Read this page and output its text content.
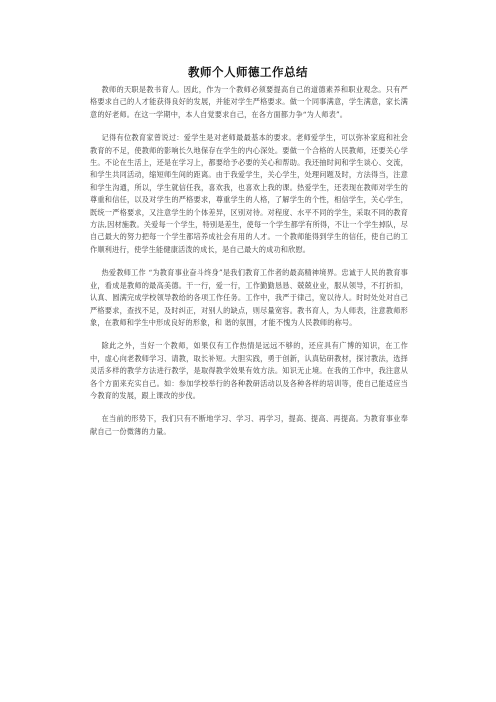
教师个人师德工作总结

教师的天职是教书育人。因此，作为一个教师必须要提高自己的道德素养和职业观念。只有严格要求自己的人才能获得良好的发展，并能对学生严格要求。做一个同事满意，学生满意，家长满意的好老师。在这一学期中，本人自觉要求自己，在各方面都力争“为人师表”。

记得有位教育家曾说过：爱学生是对老师最最基本的要求。老师爱学生，可以弥补家庭和社会教育的不足，使教师的影响长久地保存在学生的内心深处。要做一个合格的人民教师，还要关心学生。不论在生活上，还是在学习上，都要给予必要的关心和帮助。我还抽时间和学生谈心、交流，和学生共同活动，缩短师生间的距离。由于我爱学生，关心学生，处理问题及时，方法得当，注意和学生沟通，所以，学生就信任我，喜欢我，也喜欢上我的课。热爱学生，还表现在教师对学生的尊重和信任，以及对学生的严格要求，尊重学生的人格，了解学生的个性，相信学生，关心学生，既统一严格要求，又注意学生的个体差异，区别对待。对程度、水平不同的学生，采取不同的教育方法,因材施教。关爱每一个学生，特别是差生，使每一个学生都学有所得，不让一个学生掉队，尽自己最大的努力把每一个学生都培养成社会有用的人才。一个教师能得到学生的信任，使自己的工作顺利进行，使学生能健康活泼的成长，是自己最大的成功和欣慰。

热爱教师工作 “为教育事业奋斗终身”是我们教育工作者的最高精神境界。忠诚于人民的教育事业，看成是教师的最高美德。干一行，爱一行，工作勤勤恳恳、兢兢业业，服从领导，不打折扣，认真、圆满完成学校领导教给的各项工作任务。工作中，我严于律己，宽以待人。时时处处对自己严格要求，查找不足，及时纠正，对别人的缺点，则尽量宽容。教书育人，为人师表，注意教师形象，在教师和学生中形成良好的形象，和 谐的氛围，才能不愧为人民教师的称号。

除此之外，当好一个教师，如果仅有工作热情是远远不够的，还应具有广博的知识，在工作中，虚心向老教师学习、请教，取长补短。大胆实践，勇于创新，认真钻研教材，探讨教法，选择灵活多样的教学方法进行教学，是取得教学效果有效方法。知识无止境。在我的工作中，我注意从各个方面来充实自己。如：参加学校举行的各种教研活动以及各种各样的培训等，使自己能适应当今教育的发展，跟上课改的步伐。

在当前的形势下，我们只有不断地学习、学习、再学习，提高、提高、再提高。为教育事业奉献自己一份微薄的力量。
